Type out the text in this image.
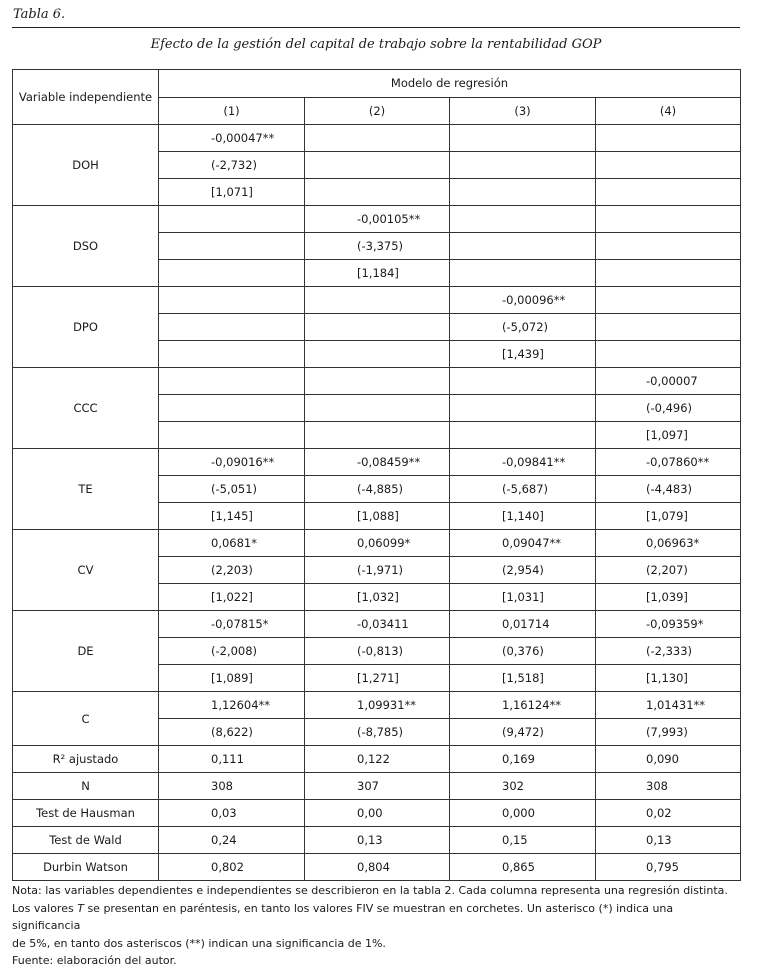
Tabla 6.
Efecto de la gestión del capital de trabajo sobre la rentabilidad GOP
Variable independiente	Modelo de regresión			
	(1)	(2)	(3)	(4)
DOH	-0,00047**			
	(-2,732)			
	[1,071]			
DSO		-0,00105**		
		(-3,375)		
		[1,184]		
DPO			-0,00096**	
			(-5,072)	
			[1,439]	
CCC				-0,00007
				(-0,496)
				[1,097]
TE	-0,09016**	-0,08459**	-0,09841**	-0,07860**
	(-5,051)	(-4,885)	(-5,687)	(-4,483)
	[1,145]	[1,088]	[1,140]	[1,079]
CV	0,0681*	0,06099*	0,09047**	0,06963*
	(2,203)	(-1,971)	(2,954)	(2,207)
	[1,022]	[1,032]	[1,031]	[1,039]
DE	-0,07815*	-0,03411	0,01714	-0,09359*
	(-2,008)	(-0,813)	(0,376)	(-2,333)
	[1,089]	[1,271]	[1,518]	[1,130]
C	1,12604**	1,09931**	1,16124**	1,01431**
	(8,622)	(-8,785)	(9,472)	(7,993)
R² ajustado	0,111	0,122	0,169	0,090
N	308	307	302	308
Test de Hausman	0,03	0,00	0,000	0,02
Test de Wald	0,24	0,13	0,15	0,13
Durbin Watson	0,802	0,804	0,865	0,795

Nota: las variables dependientes e independientes se describieron en la tabla 2. Cada columna representa una regresión distinta.

Los valores T se presentan en paréntesis, en tanto los valores FIV se muestran en corchetes. Un asterisco (*) indica una significancia

de 5%, en tanto dos asteriscos (**) indican una significancia de 1%.

Fuente: elaboración del autor.
